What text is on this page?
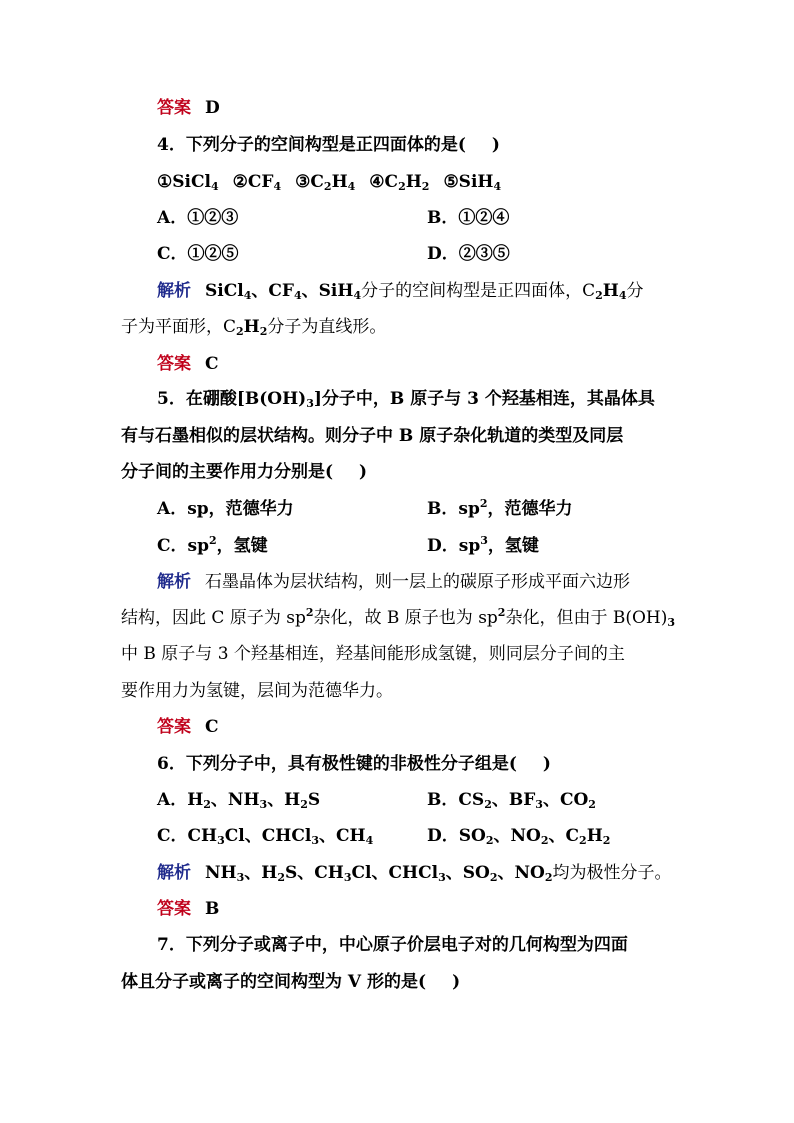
答案 D
4．下列分子的空间构型是正四面体的是( )
①SiCl$_4$ $②CF_4$ $③C_2H_4$ $④C_2H_2$ ⑤SiH$_4$
A．①②③	B．①②④
C．①②⑤	D．②③⑤
解析 SiCl$_4$、$CF_4$、SiH$_4$分子的空间构型是正四面体，$C_2H_4$分
子为平面形，$C_2H_2$分子为直线形。
答案 C
5．在硼酸$[B(OH)_3]$分子中，B 原子与 3 个羟基相连，其晶体具
有与石墨相似的层状结构。则分子中 B 原子杂化轨道的类型及同层
分子间的主要作用力分别是( )
A．sp，范德华力	B．$sp^2$，范德华力
C．$sp^2$，氢键	D．$sp^3$，氢键
解析 石墨晶体为层状结构，则一层上的碳原子形成平面六边形
结构，因此 C 原子为 $sp^2$杂化，故 B 原子也为 $sp^2$杂化，但由于 $B(OH)_3$
中 B 原子与 3 个羟基相连，羟基间能形成氢键，则同层分子间的主
要作用力为氢键，层间为范德华力。
答案 C
6．下列分子中，具有极性键的非极性分子组是( )
A．$H_2$、$NH_3$、$H_2S$	B．$CS_2$、$BF_3$、$CO_2$
C．$CH_3Cl$、CHCl$_3$、$CH_4$	D．$SO_2$、$NO_2$、$C_2H_2$
解析 $NH_3$、$H_2S$、$CH_3Cl$、CHCl$_3$、$SO_2$、$NO_2$均为极性分子。
答案 B
7．下列分子或离子中，中心原子价层电子对的几何构型为四面
体且分子或离子的空间构型为 V 形的是( )
